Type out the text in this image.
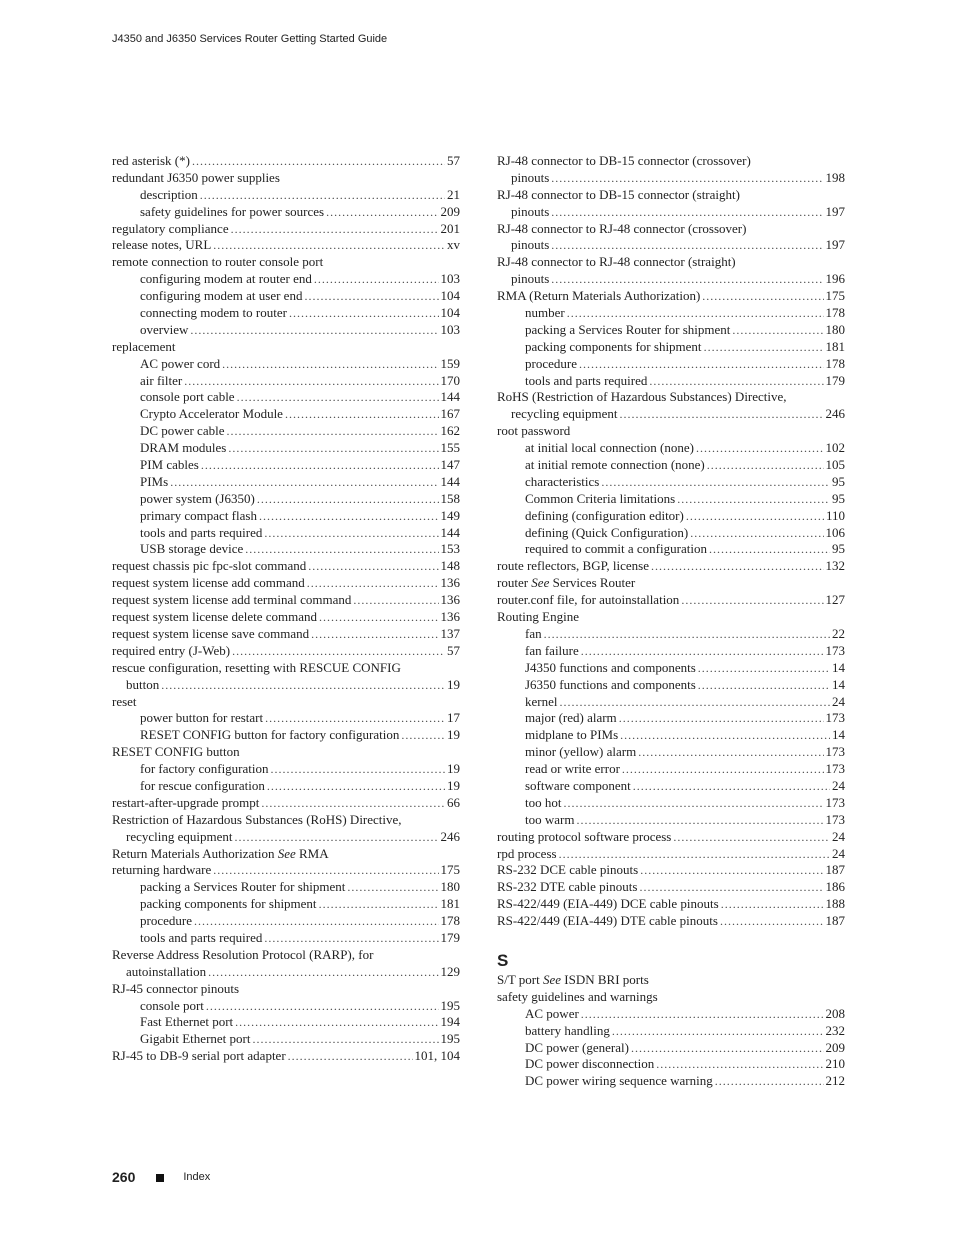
J4350 and J6350 Services Router Getting Started Guide
red asterisk (*) .....	57
redundant J6350 power supplies
description .....	21
safety guidelines for power sources .....	209
regulatory compliance .....	201
release notes, URL .....	xv
remote connection to router console port
configuring modem at router end .....	103
configuring modem at user end .....	104
connecting modem to router .....	104
overview .....	103
replacement
AC power cord .....	159
air filter .....	170
console port cable .....	144
Crypto Accelerator Module .....	167
DC power cable .....	162
DRAM modules .....	155
PIM cables .....	147
PIMs .....	144
power system (J6350) .....	158
primary compact flash .....	149
tools and parts required .....	144
USB storage device .....	153
request chassis pic fpc-slot command .....	148
request system license add command .....	136
request system license add terminal command .....	136
request system license delete command .....	136
request system license save command .....	137
required entry (J-Web) .....	57
rescue configuration, resetting with RESCUE CONFIG
button .....	19
reset
power button for restart .....	17
RESET CONFIG button for factory configuration .....	19
RESET CONFIG button
for factory configuration .....	19
for rescue configuration .....	19
restart-after-upgrade prompt .....	66
Restriction of Hazardous Substances (RoHS) Directive,
recycling equipment .....	246
Return Materials Authorization See RMA
returning hardware .....	175
packing a Services Router for shipment .....	180
packing components for shipment .....	181
procedure .....	178
tools and parts required .....	179
Reverse Address Resolution Protocol (RARP), for
autoinstallation .....	129
RJ-45 connector pinouts
console port .....	195
Fast Ethernet port .....	194
Gigabit Ethernet port .....	195
RJ-45 to DB-9 serial port adapter .....	101, 104
RJ-48 connector to DB-15 connector (crossover)
pinouts .....	198
RJ-48 connector to DB-15 connector (straight)
pinouts .....	197
RJ-48 connector to RJ-48 connector (crossover)
pinouts .....	197
RJ-48 connector to RJ-48 connector (straight)
pinouts .....	196
RMA (Return Materials Authorization) .....	175
number .....	178
packing a Services Router for shipment .....	180
packing components for shipment .....	181
procedure .....	178
tools and parts required .....	179
RoHS (Restriction of Hazardous Substances) Directive,
recycling equipment .....	246
root password
at initial local connection (none) .....	102
at initial remote connection (none) .....	105
characteristics .....	95
Common Criteria limitations .....	95
defining (configuration editor) .....	110
defining (Quick Configuration) .....	106
required to commit a configuration .....	95
route reflectors, BGP, license .....	132
router See Services Router
router.conf file, for autoinstallation .....	127
Routing Engine
fan .....	22
fan failure .....	173
J4350 functions and components .....	14
J6350 functions and components .....	14
kernel .....	24
major (red) alarm .....	173
midplane to PIMs .....	14
minor (yellow) alarm .....	173
read or write error .....	173
software component .....	24
too hot .....	173
too warm .....	173
routing protocol software process .....	24
rpd process .....	24
RS-232 DCE cable pinouts .....	187
RS-232 DTE cable pinouts .....	186
RS-422/449 (EIA-449) DCE cable pinouts .....	188
RS-422/449 (EIA-449) DTE cable pinouts .....	187
S
S/T port See ISDN BRI ports
safety guidelines and warnings
AC power .....	208
battery handling .....	232
DC power (general) .....	209
DC power disconnection .....	210
DC power wiring sequence warning .....	212
260	Index
